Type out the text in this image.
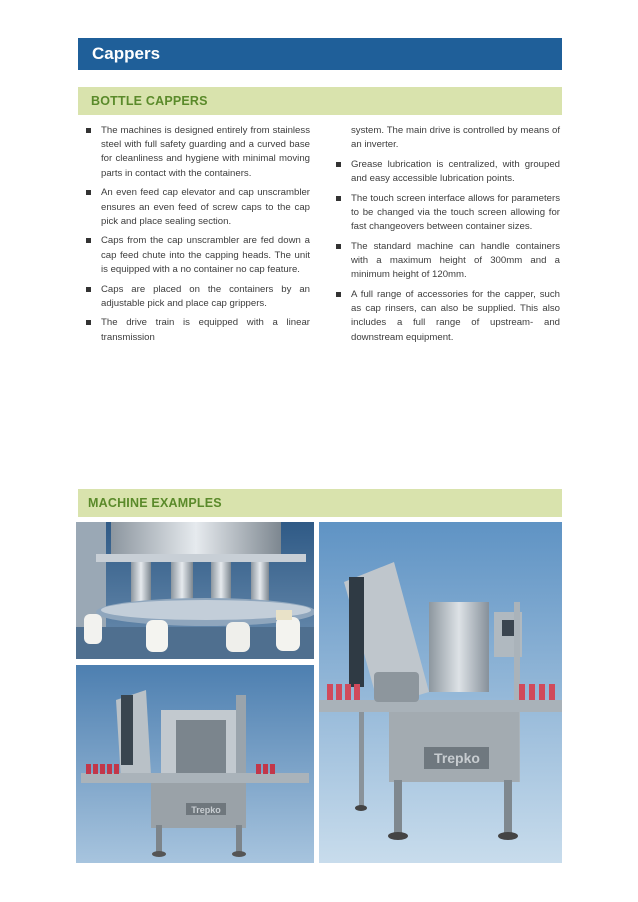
Cappers
BOTTLE CAPPERS
The machines is designed entirely from stainless steel with full safety guarding and a curved base for cleanliness and hygiene with minimal moving parts in contact with the containers.
An even feed cap elevator and cap unscrambler ensures an even feed of screw caps to the cap pick and place sealing section.
Caps from the cap unscrambler are fed down a cap feed chute into the capping heads. The unit is equipped with a no container no cap feature.
Caps are placed on the containers by an adjustable pick and place cap grippers.
The drive train is equipped with a linear transmission
system. The main drive is controlled by means of an inverter.
Grease lubrication is centralized, with grouped and easy accessible lubrication points.
The touch screen interface allows for parameters to be changed via the touch screen allowing for fast changeovers between container sizes.
The standard machine can handle containers with a maximum height of 300mm and a minimum height of 120mm.
A full range of accessories for the capper, such as cap rinsers, can also be supplied. This also includes a full range of upstream- and downstream equipment.
MACHINE EXAMPLES
Trepko
Trepko
